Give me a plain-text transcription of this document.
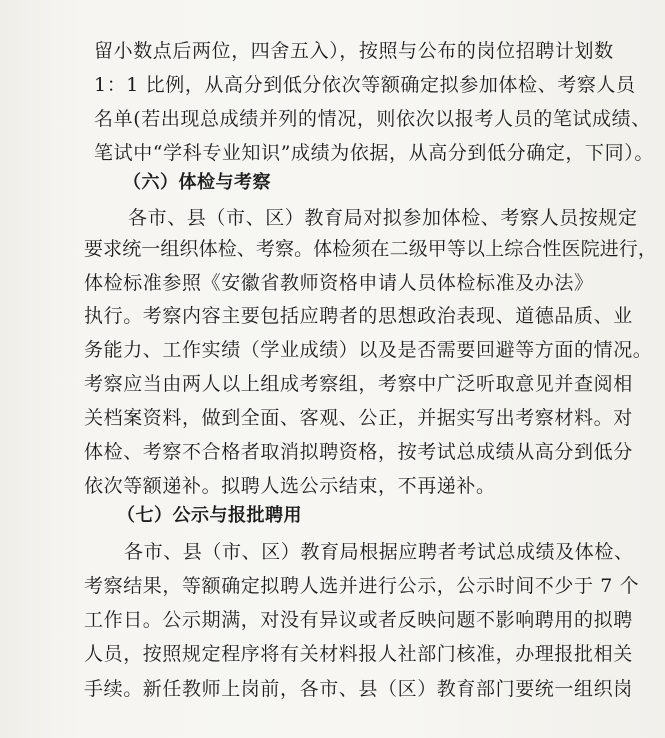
留小数点后两位，四舍五入），按照与公布的岗位招聘计划数
1：1 比例，从高分到低分依次等额确定拟参加体检、考察人员
名单(若出现总成绩并列的情况，则依次以报考人员的笔试成绩、
笔试中“学科专业知识”成绩为依据，从高分到低分确定，下同）。
（六）体检与考察
各市、县（市、区）教育局对拟参加体检、考察人员按规定
要求统一组织体检、考察。体检须在二级甲等以上综合性医院进行，
体检标准参照《安徽省教师资格申请人员体检标准及办法》
执行。考察内容主要包括应聘者的思想政治表现、道德品质、业
务能力、工作实绩（学业成绩）以及是否需要回避等方面的情况。
考察应当由两人以上组成考察组，考察中广泛听取意见并查阅相
关档案资料，做到全面、客观、公正，并据实写出考察材料。对
体检、考察不合格者取消拟聘资格，按考试总成绩从高分到低分
依次等额递补。拟聘人选公示结束，不再递补。
（七）公示与报批聘用
各市、县（市、区）教育局根据应聘者考试总成绩及体检、
考察结果，等额确定拟聘人选并进行公示，公示时间不少于 7 个
工作日。公示期满，对没有异议或者反映问题不影响聘用的拟聘
人员，按照规定程序将有关材料报人社部门核准，办理报批相关
手续。新任教师上岗前，各市、县（区）教育部门要统一组织岗
